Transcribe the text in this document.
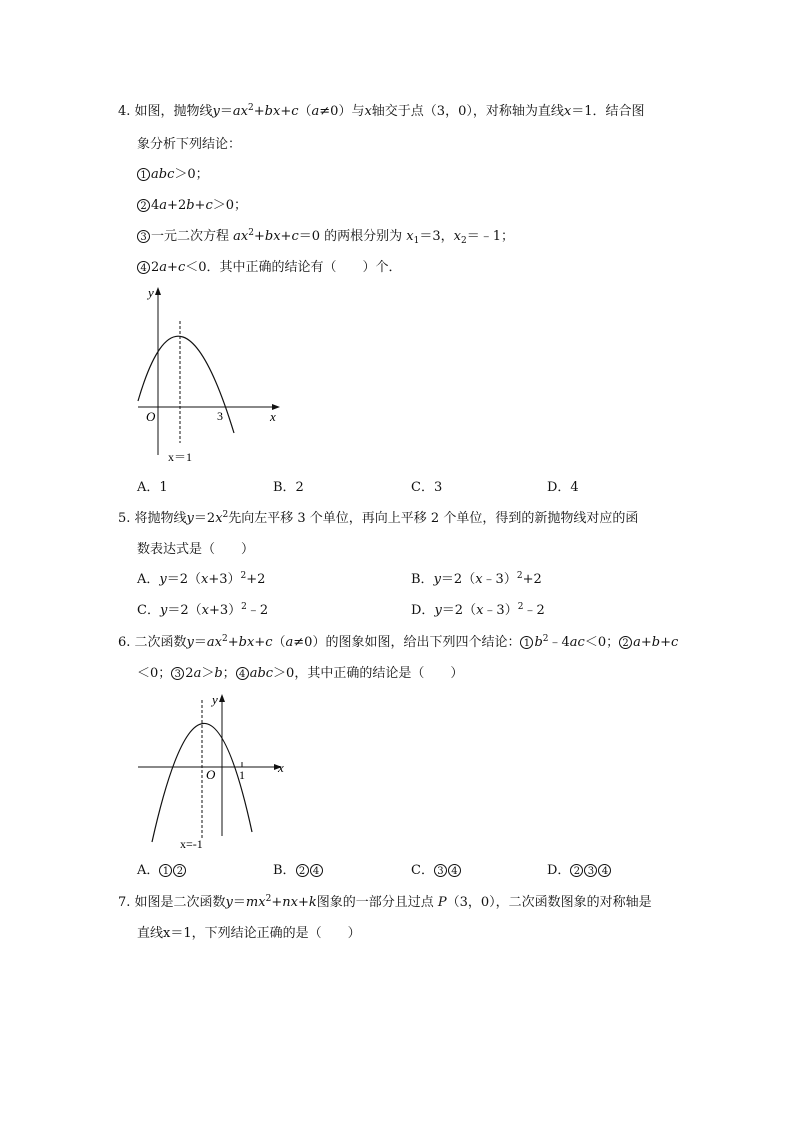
4. 如图，抛物线$y=ax^2+bx+c(a\ne 0)$与x轴交于点（3，0），对称轴为直线x＝1．结合图
象分析下列结论：
1 abc＞0；
2 4a+2b+c＞0；
3 一元二次方程 $ax^2+bx+c=0$ 的两根分别为 $x_1=3$，$x_2=﹣1$；
4 2a+c＜0．其中正确的结论有（　　）个．
y
x
O	3
x＝1
A．1	B．2	C．3	D．4
5. 将抛物线$y=2x^2$先向左平移 3 个单位，再向上平移 2 个单位，得到的新抛物线对应的函
数表达式是（　　）
A．$y=2(x+3)^2+2$	B．y＝2（x﹣3）$^2$+2
C．$y=2(x+3)^2﹣2$	D．y＝2（x﹣3）$^2$﹣2
6. 二次函数$y=ax^2+bx+c(a\ne 0)$的图象如图，给出下列四个结论： 1 $b^2﹣4ac<0$； 2 a+b+c
＜0； 3 2a＞b； 4 abc＞0，其中正确的结论是（　　）
y
x
O 1
x=-1
A． 1 2	B． 2 4	C． 3 4	D． 2 3 4
7. 如图是二次函数$y=mx^2+nx+k$图象的一部分且过点 P（3，0），二次函数图象的对称轴是
直线x＝1，下列结论正确的是（　　）
